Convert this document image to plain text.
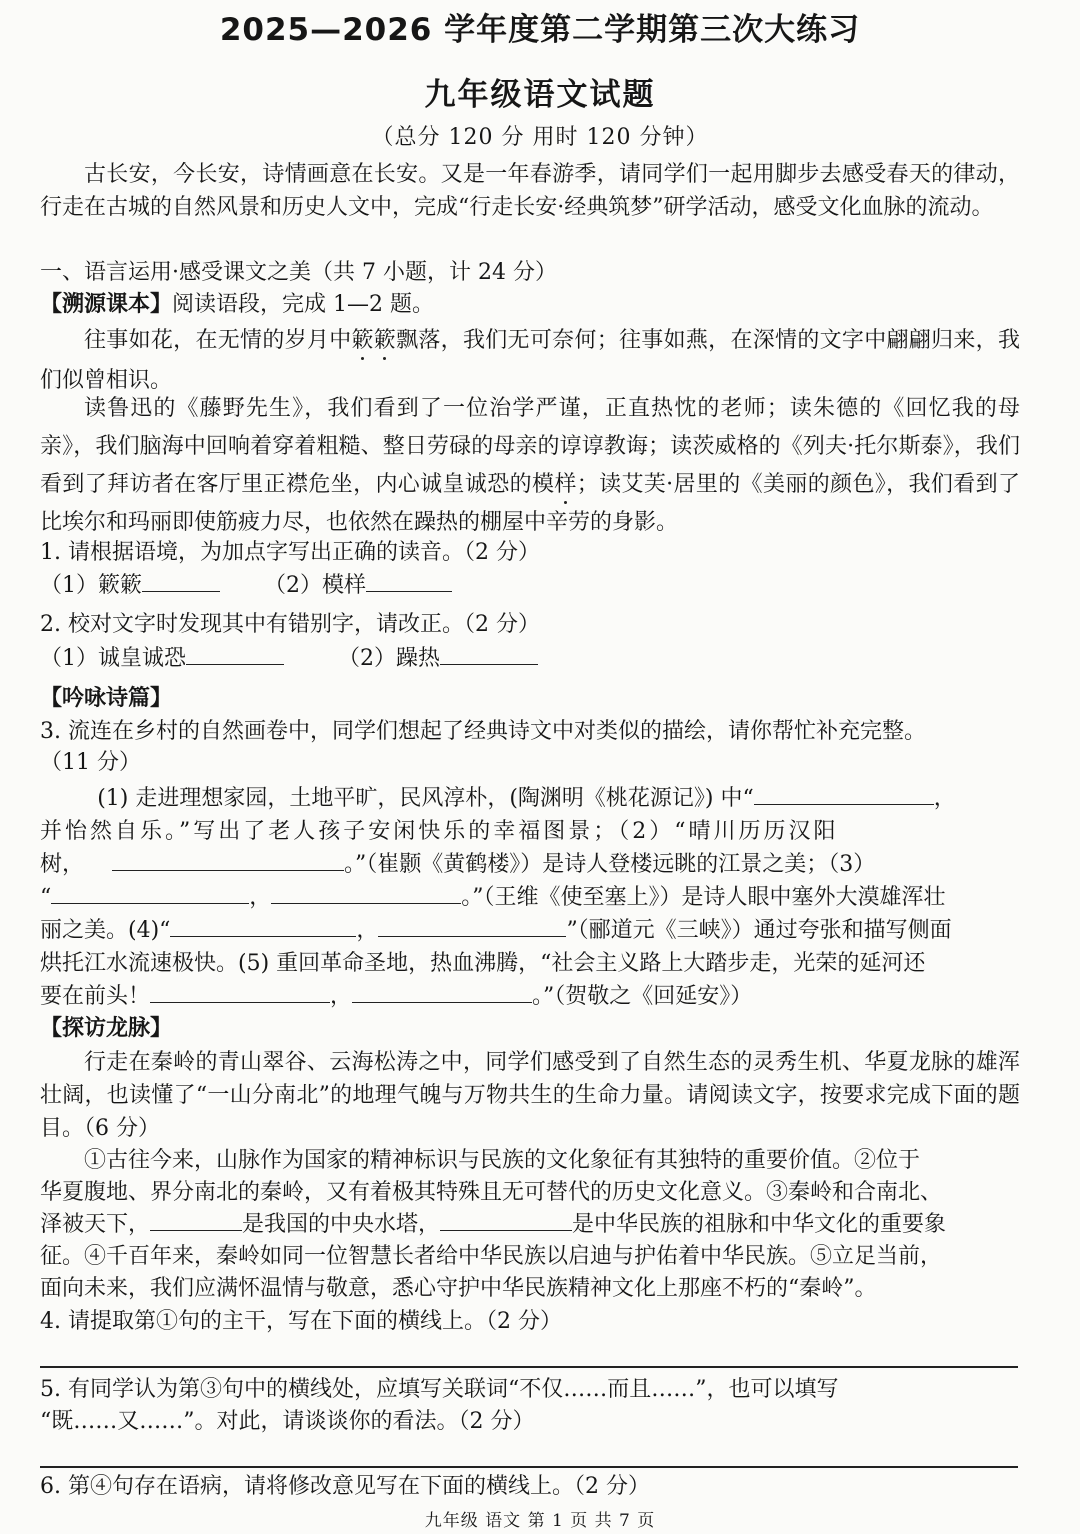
2025—2026 学年度第二学期第三次大练习
九年级语文试题
（总分 120 分 用时 120 分钟）
古长安，今长安，诗情画意在长安。又是一年春游季，请同学们一起用脚步去感受春天的律动，行走在古城的自然风景和历史人文中，完成“行走长安·经典筑梦”研学活动，感受文化血脉的流动。
一、语言运用·感受课文之美（共 7 小题，计 24 分）
【溯源课本】阅读语段，完成 1—2 题。
往事如花，在无情的岁月中簌簌飘落，我们无可奈何；往事如燕，在深情的文字中翩翩归来，我们似曾相识。
读鲁迅的《藤野先生》，我们看到了一位治学严谨，正直热忱的老师；读朱德的《回忆我的母亲》，我们脑海中回响着穿着粗糙、整日劳碌的母亲的谆谆教诲；读茨威格的《列夫·托尔斯泰》，我们看到了拜访者在客厅里正襟危坐，内心诚皇诚恐的模样；读艾芙·居里的《美丽的颜色》，我们看到了比埃尔和玛丽即使筋疲力尽，也依然在躁热的棚屋中辛劳的身影。
1. 请根据语境，为加点字写出正确的读音。（2 分）
（1）簌簌	（2）模样
2. 校对文字时发现其中有错别字，请改正。（2 分）
（1）诚皇诚恐	（2）躁热
【吟咏诗篇】
3. 流连在乡村的自然画卷中，同学们想起了经典诗文中对类似的描绘，请你帮忙补充完整。
（11 分）
(1) 走进理想家园，土地平旷，民风淳朴，(陶渊明《桃花源记》) 中“	，
并怡然自乐。”写出了老人孩子安闲快乐的幸福图景；（2）“晴川历历汉阳
树，	。”（崔颢《黄鹤楼》）是诗人登楼远眺的江景之美；（3）
“	，	。”（王维《使至塞上》）是诗人眼中塞外大漠雄浑壮
丽之美。(4)“	，	”（郦道元《三峡》）通过夸张和描写侧面
烘托江水流速极快。(5) 重回革命圣地，热血沸腾，“社会主义路上大踏步走，光荣的延河还
要在前头！	，	。”（贺敬之《回延安》）
【探访龙脉】
行走在秦岭的青山翠谷、云海松涛之中，同学们感受到了自然生态的灵秀生机、华夏龙脉的雄浑壮阔，也读懂了“一山分南北”的地理气魄与万物共生的生命力量。请阅读文字，按要求完成下面的题目。（6 分）
①古往今来，山脉作为国家的精神标识与民族的文化象征有其独特的重要价值。②位于
华夏腹地、界分南北的秦岭，又有着极其特殊且无可替代的历史文化意义。③秦岭和合南北、
泽被天下，	是我国的中央水塔，	是中华民族的祖脉和中华文化的重要象
征。④千百年来，秦岭如同一位智慧长者给中华民族以启迪与护佑着中华民族。⑤立足当前，
面向未来，我们应满怀温情与敬意，悉心守护中华民族精神文化上那座不朽的“秦岭”。
4. 请提取第①句的主干，写在下面的横线上。（2 分）
5. 有同学认为第③句中的横线处，应填写关联词“不仅……而且……”，也可以填写
“既……又……”。对此，请谈谈你的看法。（2 分）
6. 第④句存在语病，请将修改意见写在下面的横线上。（2 分）
九年级 语文 第 1 页 共 7 页
